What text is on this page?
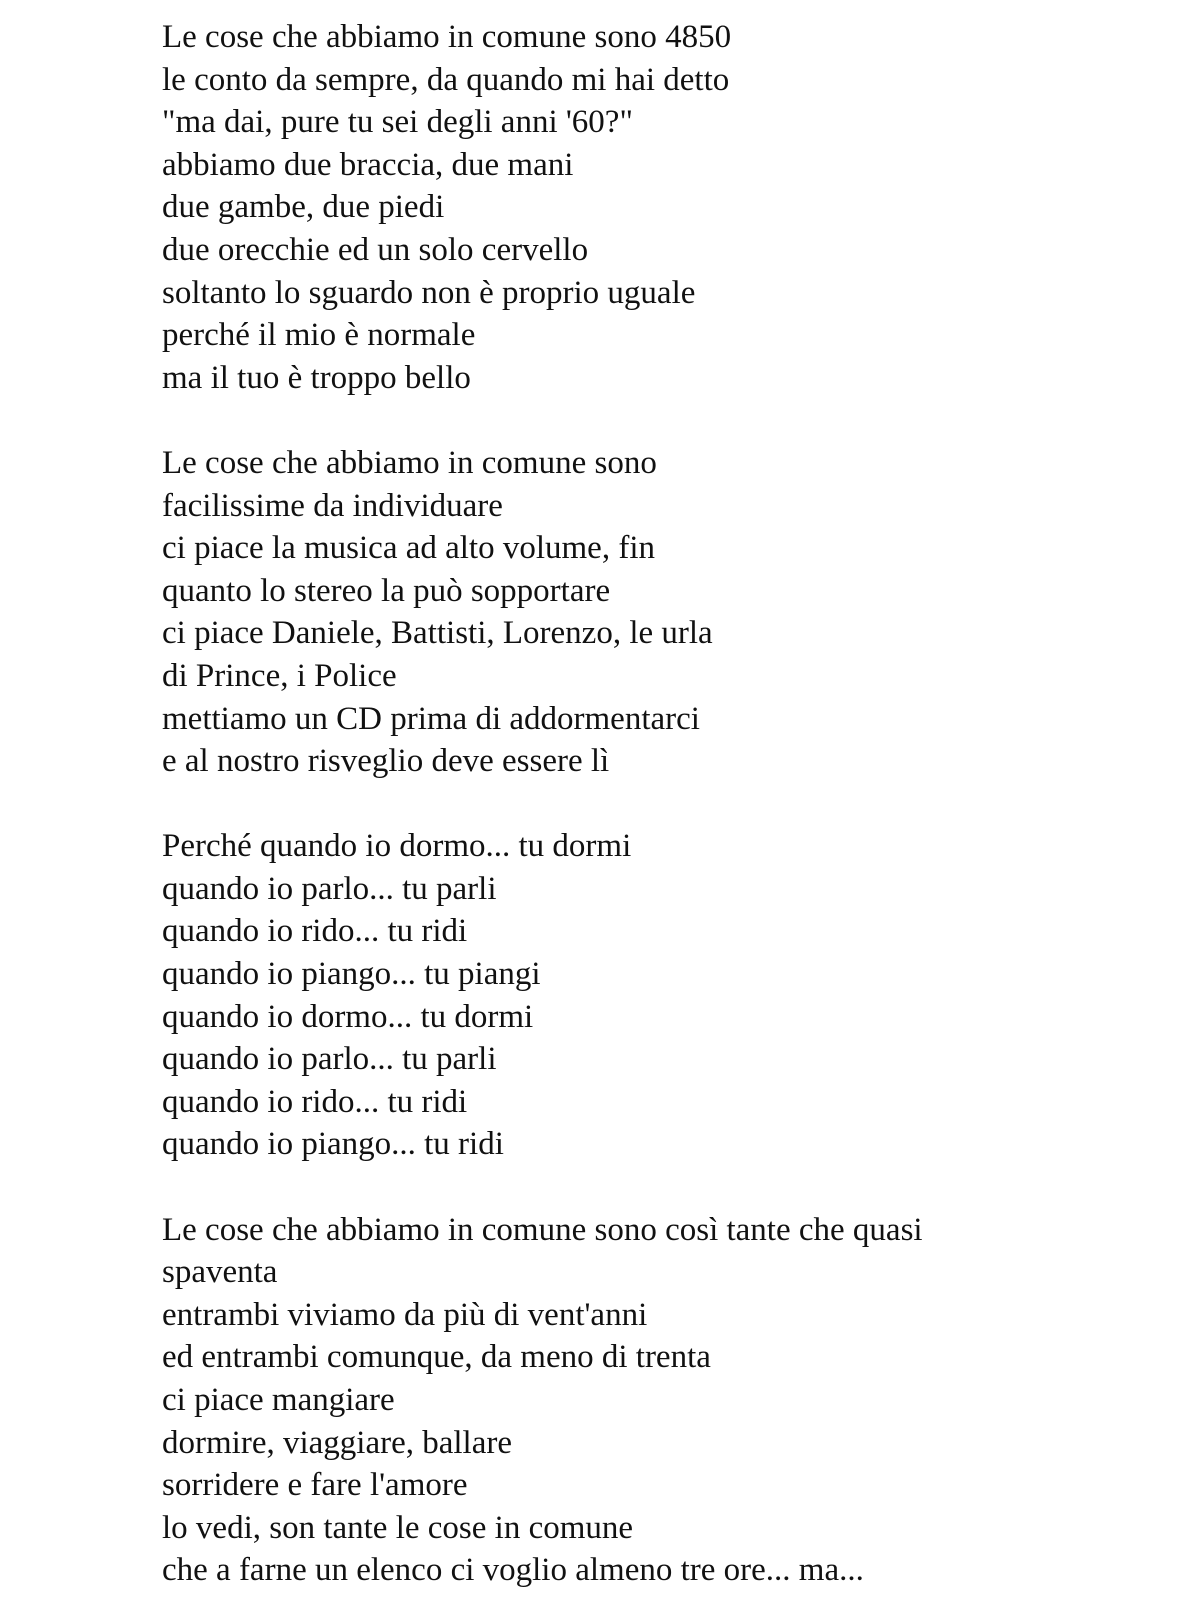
Le cose che abbiamo in comune sono 4850
le conto da sempre, da quando mi hai detto
"ma dai, pure tu sei degli anni '60?"
abbiamo due braccia, due mani
due gambe, due piedi
due orecchie ed un solo cervello
soltanto lo sguardo non è proprio uguale
perché il mio è normale
ma il tuo è troppo bello
Le cose che abbiamo in comune sono
facilissime da individuare
ci piace la musica ad alto volume, fin
quanto lo stereo la può sopportare
ci piace Daniele, Battisti, Lorenzo, le urla
di Prince, i Police
mettiamo un CD prima di addormentarci
e al nostro risveglio deve essere lì
Perché quando io dormo... tu dormi
quando io parlo... tu parli
quando io rido... tu ridi
quando io piango... tu piangi
quando io dormo... tu dormi
quando io parlo... tu parli
quando io rido... tu ridi
quando io piango... tu ridi
Le cose che abbiamo in comune sono così tante che quasi
spaventa
entrambi viviamo da più di vent'anni
ed entrambi comunque, da meno di trenta
ci piace mangiare
dormire, viaggiare, ballare
sorridere e fare l'amore
lo vedi, son tante le cose in comune
che a farne un elenco ci voglio almeno tre ore... ma...
